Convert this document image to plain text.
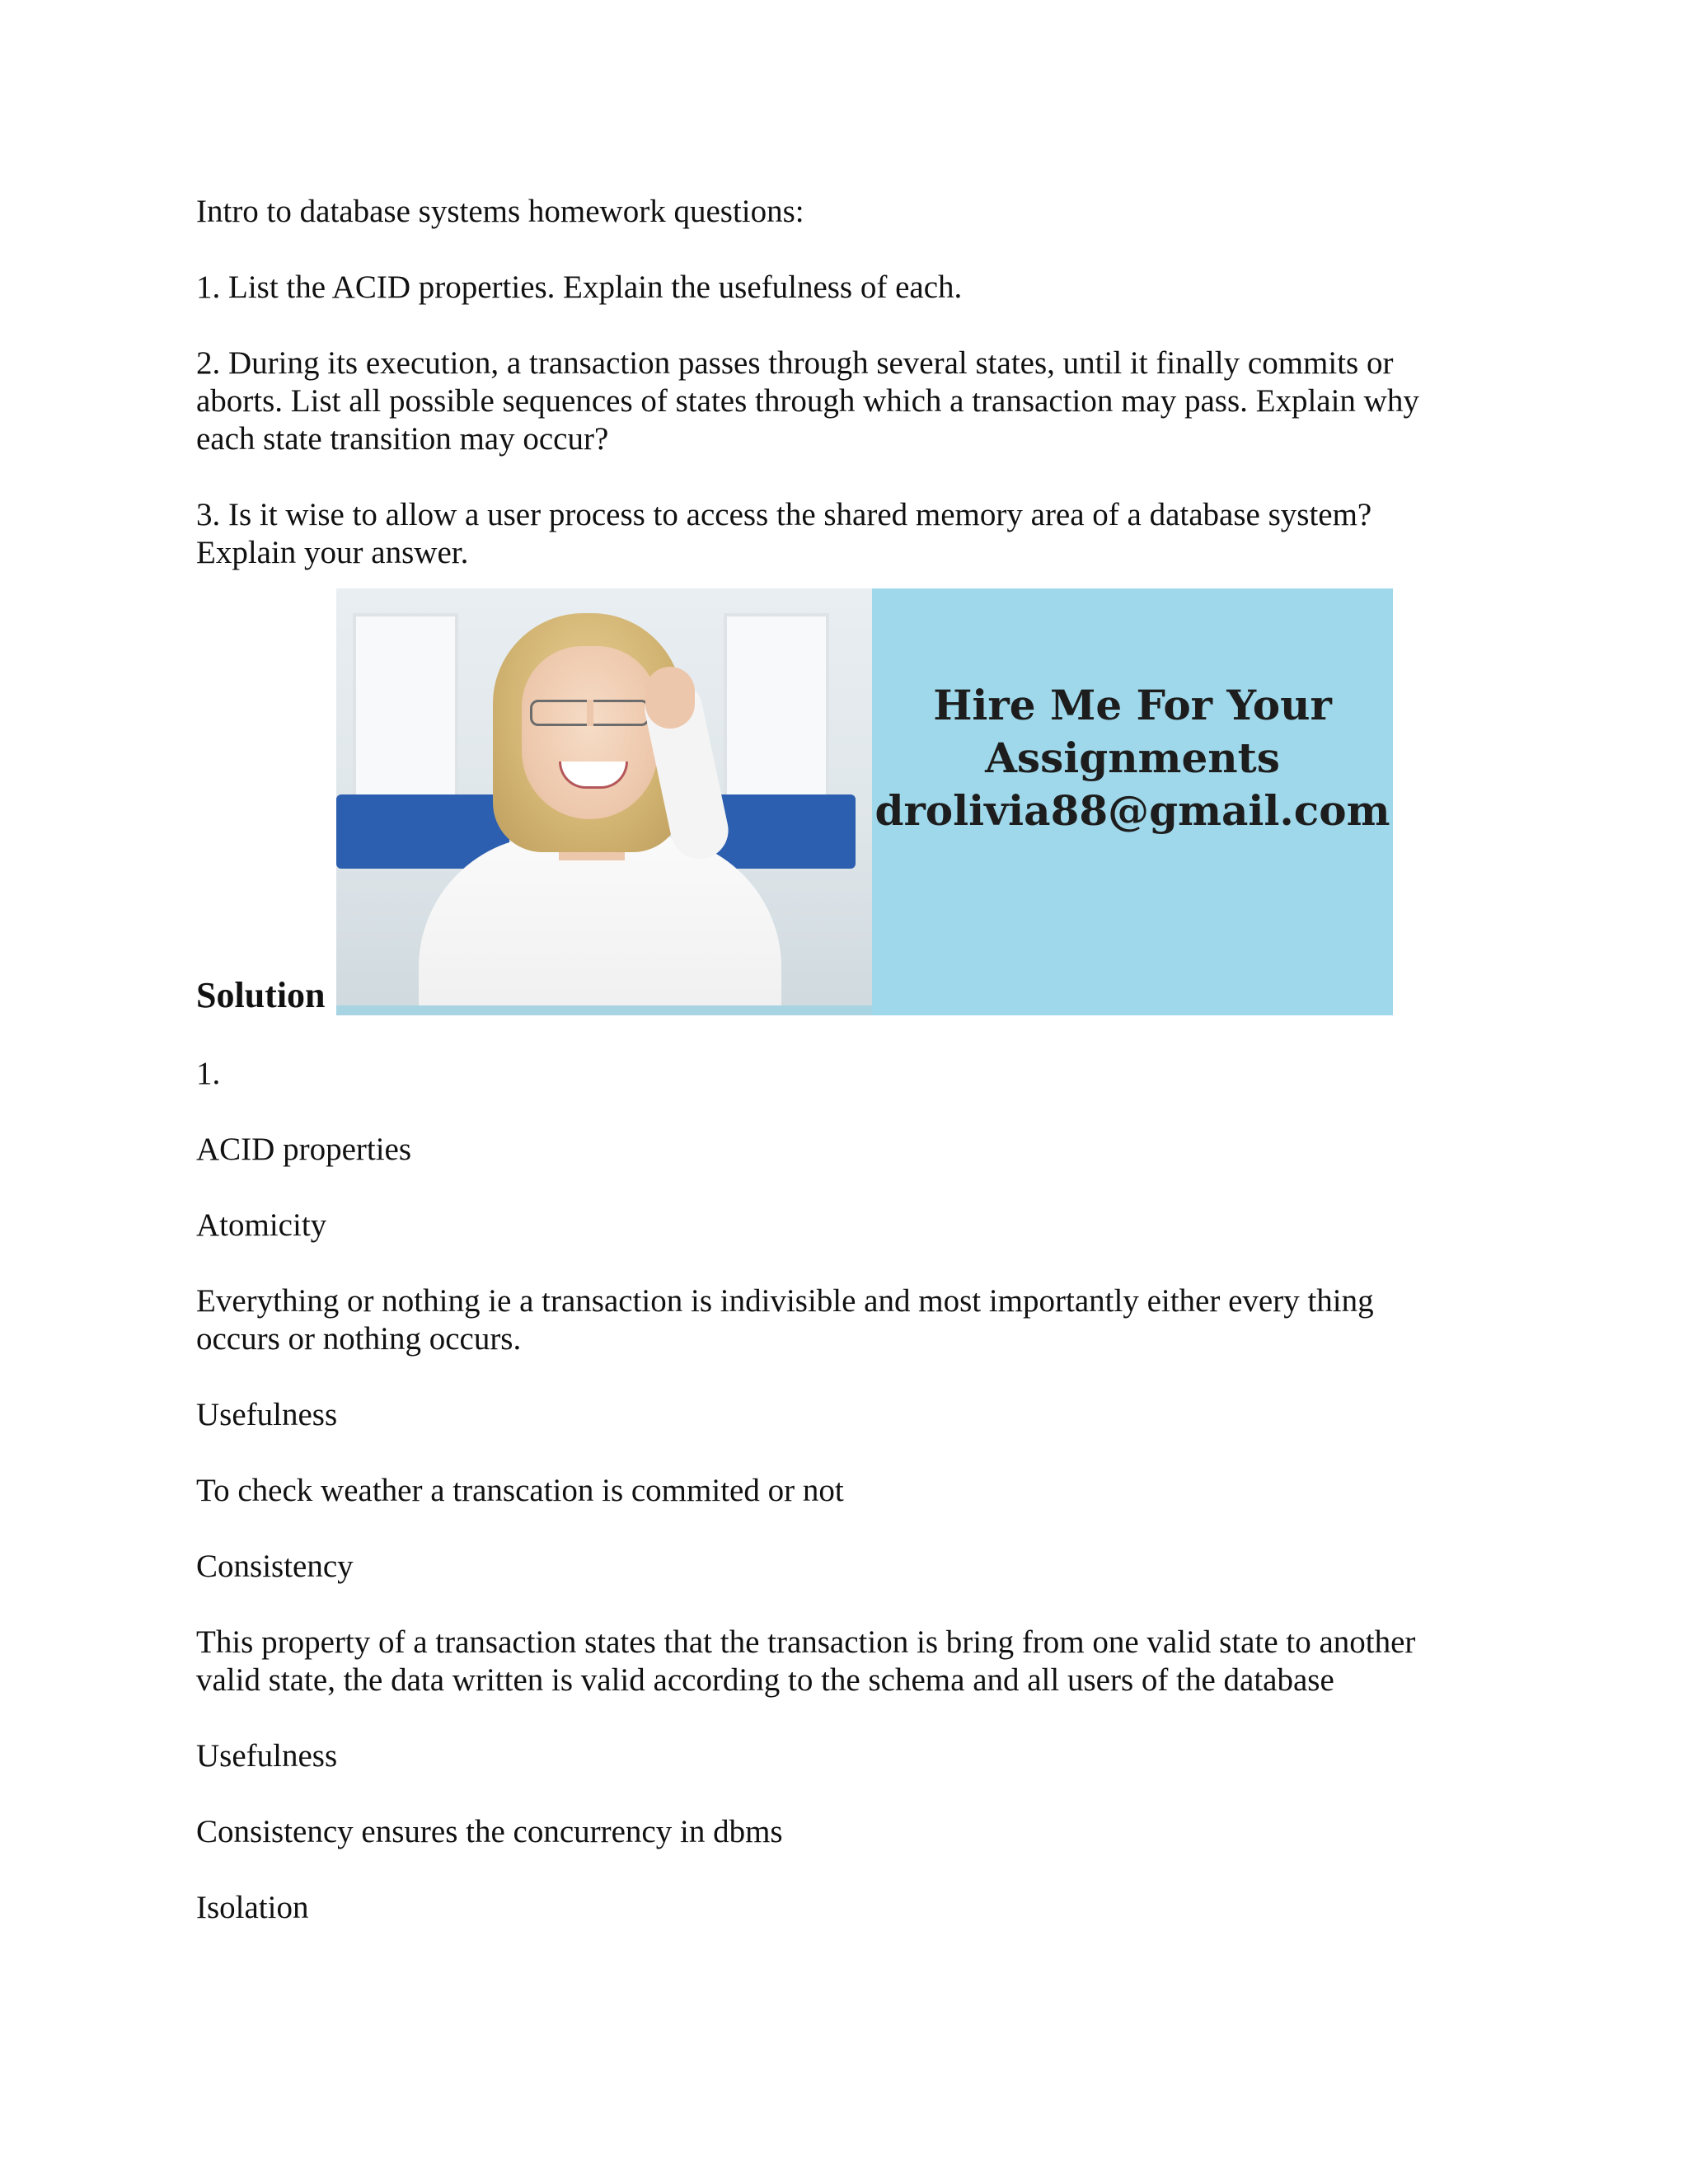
Intro to database systems homework questions:

1. List the ACID properties. Explain the usefulness of each.

2. During its execution, a transaction passes through several states, until it finally commits or

aborts. List all possible sequences of states through which a transaction may pass. Explain why

each state transition may occur?

3. Is it wise to allow a user process to access the shared memory area of a database system?

Explain your answer.

Solution
Hire Me For Your
Assignments
drolivia88@gmail.com

1.

ACID properties

Atomicity

Everything or nothing ie a transaction is indivisible and most importantly either every thing

occurs or nothing occurs.

Usefulness

To check weather a transcation is commited or not

Consistency

This property of a transaction states that the transaction is bring from one valid state to another

valid state, the data written is valid according to the schema and all users of the database

Usefulness

Consistency ensures the concurrency in dbms

Isolation
